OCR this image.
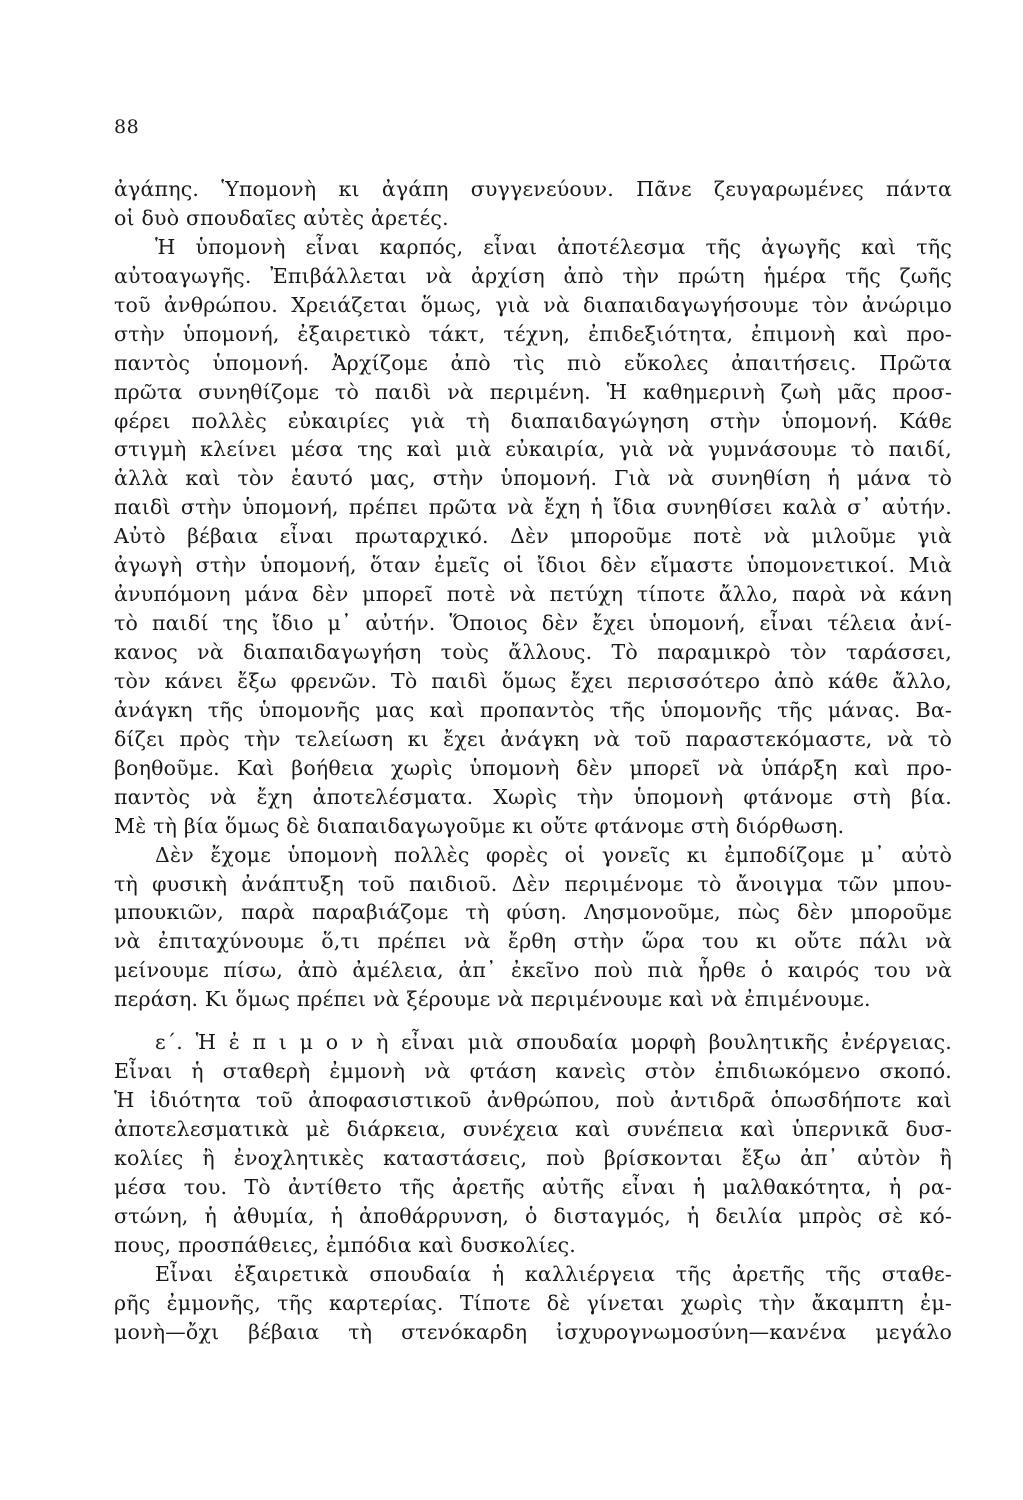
88
ἀγάπης. Ὑπομονὴ κι ἀγάπη συγγενεύουν. Πᾶνε ζευγαρωμένες πάντα
οἱ δυὸ σπουδαῖες αὐτὲς ἀρετές.
Ἡ ὑπομονὴ εἶναι καρπός, εἶναι ἀποτέλεσμα τῆς ἀγωγῆς καὶ τῆς
αὐτοαγωγῆς. Ἐπιβάλλεται νὰ ἀρχίση ἀπὸ τὴν πρώτη ἡμέρα τῆς ζωῆς
τοῦ ἀνθρώπου. Χρειάζεται ὅμως, γιὰ νὰ διαπαιδαγωγήσουμε τὸν ἀνώριμο
στὴν ὑπομονή, ἐξαιρετικὸ τάκτ, τέχνη, ἐπιδεξιότητα, ἐπιμονὴ καὶ προ-
παντὸς ὑπομονή. Ἀρχίζομε ἀπὸ τὶς πιὸ εὔκολες ἀπαιτήσεις. Πρῶτα
πρῶτα συνηθίζομε τὸ παιδὶ νὰ περιμένη. Ἡ καθημερινὴ ζωὴ μᾶς προσ-
φέρει πολλὲς εὐκαιρίες γιὰ τὴ διαπαιδαγώγηση στὴν ὑπομονή. Κάθε
στιγμὴ κλείνει μέσα της καὶ μιὰ εὐκαιρία, γιὰ νὰ γυμνάσουμε τὸ παιδί,
ἀλλὰ καὶ τὸν ἑαυτό μας, στὴν ὑπομονή. Γιὰ νὰ συνηθίση ἡ μάνα τὸ
παιδὶ στὴν ὑπομονή, πρέπει πρῶτα νὰ ἔχη ἡ ἴδια συνηθίσει καλὰ σ᾽ αὐτήν.
Αὐτὸ βέβαια εἶναι πρωταρχικό. Δὲν μποροῦμε ποτὲ νὰ μιλοῦμε γιὰ
ἀγωγὴ στὴν ὑπομονή, ὅταν ἐμεῖς οἱ ἴδιοι δὲν εἴμαστε ὑπομονετικοί. Μιὰ
ἀνυπόμονη μάνα δὲν μπορεῖ ποτὲ νὰ πετύχη τίποτε ἄλλο, παρὰ νὰ κάνη
τὸ παιδί της ἴδιο μ᾽ αὐτήν. Ὅποιος δὲν ἔχει ὑπομονή, εἶναι τέλεια ἀνί-
κανος νὰ διαπαιδαγωγήση τοὺς ἄλλους. Τὸ παραμικρὸ τὸν ταράσσει,
τὸν κάνει ἔξω φρενῶν. Τὸ παιδὶ ὅμως ἔχει περισσότερο ἀπὸ κάθε ἄλλο,
ἀνάγκη τῆς ὑπομονῆς μας καὶ προπαντὸς τῆς ὑπομονῆς τῆς μάνας. Βα-
δίζει πρὸς τὴν τελείωση κι ἔχει ἀνάγκη νὰ τοῦ παραστεκόμαστε, νὰ τὸ
βοηθοῦμε. Καὶ βοήθεια χωρὶς ὑπομονὴ δὲν μπορεῖ νὰ ὑπάρξη καὶ προ-
παντὸς νὰ ἔχη ἀποτελέσματα. Χωρὶς τὴν ὑπομονὴ φτάνομε στὴ βία.
Μὲ τὴ βία ὅμως δὲ διαπαιδαγωγοῦμε κι οὔτε φτάνομε στὴ διόρθωση.
Δὲν ἔχομε ὑπομονὴ πολλὲς φορὲς οἱ γονεῖς κι ἐμποδίζομε μ᾽ αὐτὸ
τὴ φυσικὴ ἀνάπτυξη τοῦ παιδιοῦ. Δὲν περιμένομε τὸ ἄνοιγμα τῶν μπου-
μπουκιῶν, παρὰ παραβιάζομε τὴ φύση. Λησμονοῦμε, πὼς δὲν μποροῦμε
νὰ ἐπιταχύνουμε ὅ,τι πρέπει νὰ ἔρθη στὴν ὥρα του κι οὔτε πάλι νὰ
μείνουμε πίσω, ἀπὸ ἀμέλεια, ἀπ᾽ ἐκεῖνο ποὺ πιὰ ἦρθε ὁ καιρός του νὰ
περάση. Κι ὅμως πρέπει νὰ ξέρουμε νὰ περιμένουμε καὶ νὰ ἐπιμένουμε.
ε΄. Ἡ ἐ π ι μ ο ν ὴ εἶναι μιὰ σπουδαία μορφὴ βουλητικῆς ἐνέργειας.
Εἶναι ἡ σταθερὴ ἐμμονὴ νὰ φτάση κανεὶς στὸν ἐπιδιωκόμενο σκοπό.
Ἡ ἰδιότητα τοῦ ἀποφασιστικοῦ ἀνθρώπου, ποὺ ἀντιδρᾶ ὁπωσδήποτε καὶ
ἀποτελεσματικὰ μὲ διάρκεια, συνέχεια καὶ συνέπεια καὶ ὑπερνικᾶ δυσ-
κολίες ἢ ἐνοχλητικὲς καταστάσεις, ποὺ βρίσκονται ἔξω ἀπ᾽ αὐτὸν ἢ
μέσα του. Τὸ ἀντίθετο τῆς ἀρετῆς αὐτῆς εἶναι ἡ μαλθακότητα, ἡ ρα-
στώνη, ἡ ἀθυμία, ἡ ἀποθάρρυνση, ὁ δισταγμός, ἡ δειλία μπρὸς σὲ κό-
πους, προσπάθειες, ἐμπόδια καὶ δυσκολίες.
Εἶναι ἐξαιρετικὰ σπουδαία ἡ καλλιέργεια τῆς ἀρετῆς τῆς σταθε-
ρῆς ἐμμονῆς, τῆς καρτερίας. Τίποτε δὲ γίνεται χωρὶς τὴν ἄκαμπτη ἐμ-
μονὴ—ὄχι βέβαια τὴ στενόκαρδη ἰσχυρογνωμοσύνη—κανένα μεγάλο
